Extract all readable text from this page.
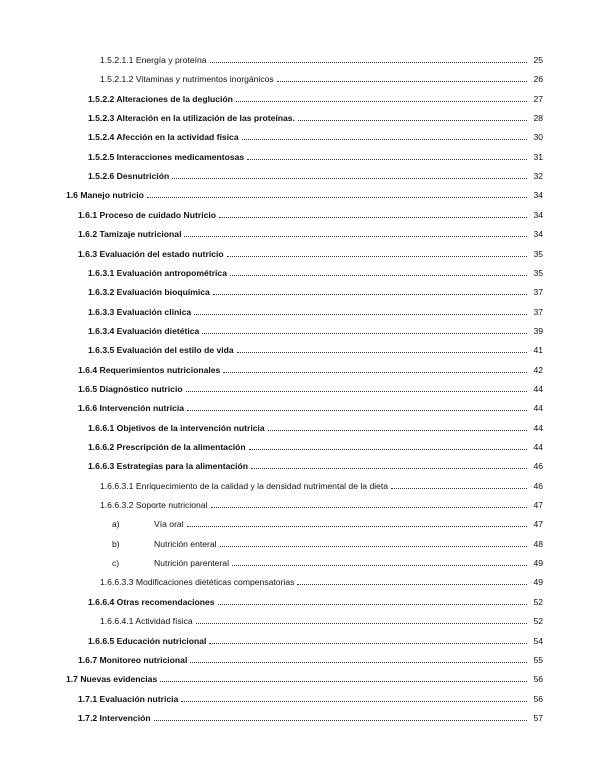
1.5.2.1.1 Energía y proteína	25
1.5.2.1.2 Vitaminas y nutrimentos inorgánicos	26
1.5.2.2 Alteraciones de la deglución	27
1.5.2.3 Alteración en la utilización de las proteínas.	28
1.5.2.4 Afección en la actividad física	30
1.5.2.5 Interacciones medicamentosas	31
1.5.2.6 Desnutrición	32
1.6 Manejo nutricio	34
1.6.1 Proceso de cuidado Nutricio	34
1.6.2 Tamizaje nutricional	34
1.6.3 Evaluación del estado nutricio	35
1.6.3.1 Evaluación antropométrica	35
1.6.3.2 Evaluación bioquímica	37
1.6.3.3 Evaluación clínica	37
1.6.3.4 Evaluación dietética	39
1.6.3.5 Evaluación del estilo de vida	41
1.6.4 Requerimientos nutricionales	42
1.6.5 Diagnóstico nutricio	44
1.6.6 Intervención nutricia	44
1.6.6.1 Objetivos de la intervención nutricia	44
1.6.6.2 Prescripción de la alimentación	44
1.6.6.3 Estrategias para la alimentación	46
1.6.6.3.1 Enriquecimiento de la calidad y la densidad nutrimental de la dieta	46
1.6.6.3.2 Soporte nutricional	47
a)	Vía oral	47
b)	Nutrición enteral	48
c)	Nutrición parenteral	49
1.6.6.3.3 Modificaciones dietéticas compensatorias	49
1.6.6.4 Otras recomendaciones	52
1.6.6.4.1 Actividad física	52
1.6.6.5 Educación nutricional	54
1.6.7 Monitoreo nutricional	55
1.7 Nuevas evidencias	56
1.7.1 Evaluación nutricia	56
1.7.2 Intervención	57
